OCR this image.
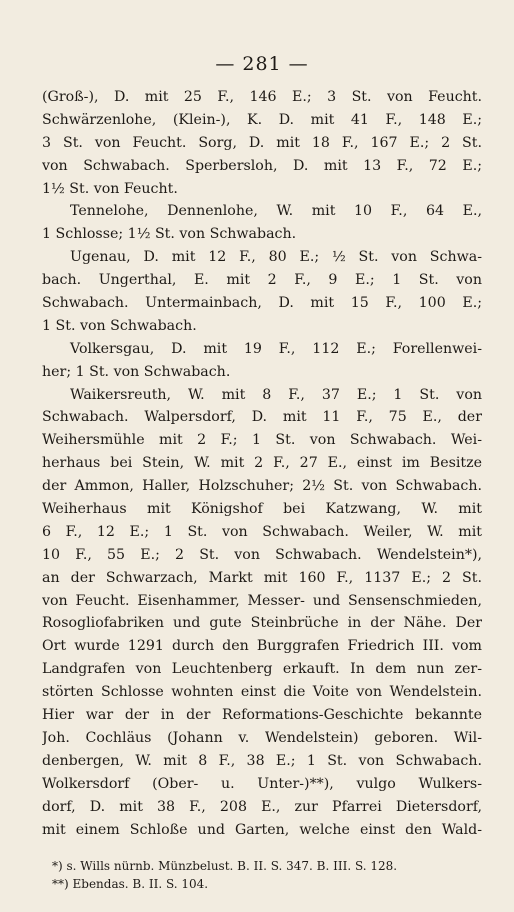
— 281 —
(Groß-), D. mit 25 F., 146 E.; 3 St. von Feucht.
Schwärzenlohe, (Klein-), K. D. mit 41 F., 148 E.;
3 St. von Feucht. Sorg, D. mit 18 F., 167 E.; 2 St.
von Schwabach. Sperbersloh, D. mit 13 F., 72 E.;
1½ St. von Feucht.
Tennelohe, Dennenlohe, W. mit 10 F., 64 E.,
1 Schlosse; 1½ St. von Schwabach.
Ugenau, D. mit 12 F., 80 E.; ½ St. von Schwa-
bach. Ungerthal, E. mit 2 F., 9 E.; 1 St. von
Schwabach. Untermainbach, D. mit 15 F., 100 E.;
1 St. von Schwabach.
Volkersgau, D. mit 19 F., 112 E.; Forellenwei-
her; 1 St. von Schwabach.
Waikersreuth, W. mit 8 F., 37 E.; 1 St. von
Schwabach. Walpersdorf, D. mit 11 F., 75 E., der
Weihersmühle mit 2 F.; 1 St. von Schwabach. Wei-
herhaus bei Stein, W. mit 2 F., 27 E., einst im Besitze
der Ammon, Haller, Holzschuher; 2½ St. von Schwabach.
Weiherhaus mit Königshof bei Katzwang, W. mit
6 F., 12 E.; 1 St. von Schwabach. Weiler, W. mit
10 F., 55 E.; 2 St. von Schwabach. Wendelstein*),
an der Schwarzach, Markt mit 160 F., 1137 E.; 2 St.
von Feucht. Eisenhammer, Messer- und Sensenschmieden,
Rosogliofabriken und gute Steinbrüche in der Nähe. Der
Ort wurde 1291 durch den Burggrafen Friedrich III. vom
Landgrafen von Leuchtenberg erkauft. In dem nun zer-
störten Schlosse wohnten einst die Voite von Wendelstein.
Hier war der in der Reformations-Geschichte bekannte
Joh. Cochläus (Johann v. Wendelstein) geboren. Wil-
denbergen, W. mit 8 F., 38 E.; 1 St. von Schwabach.
Wolkersdorf (Ober- u. Unter-)**), vulgo Wulkers-
dorf, D. mit 38 F., 208 E., zur Pfarrei Dietersdorf,
mit einem Schloße und Garten, welche einst den Wald-
*) s. Wills nürnb. Münzbelust. B. II. S. 347. B. III. S. 128.
**) Ebendas. B. II. S. 104.
